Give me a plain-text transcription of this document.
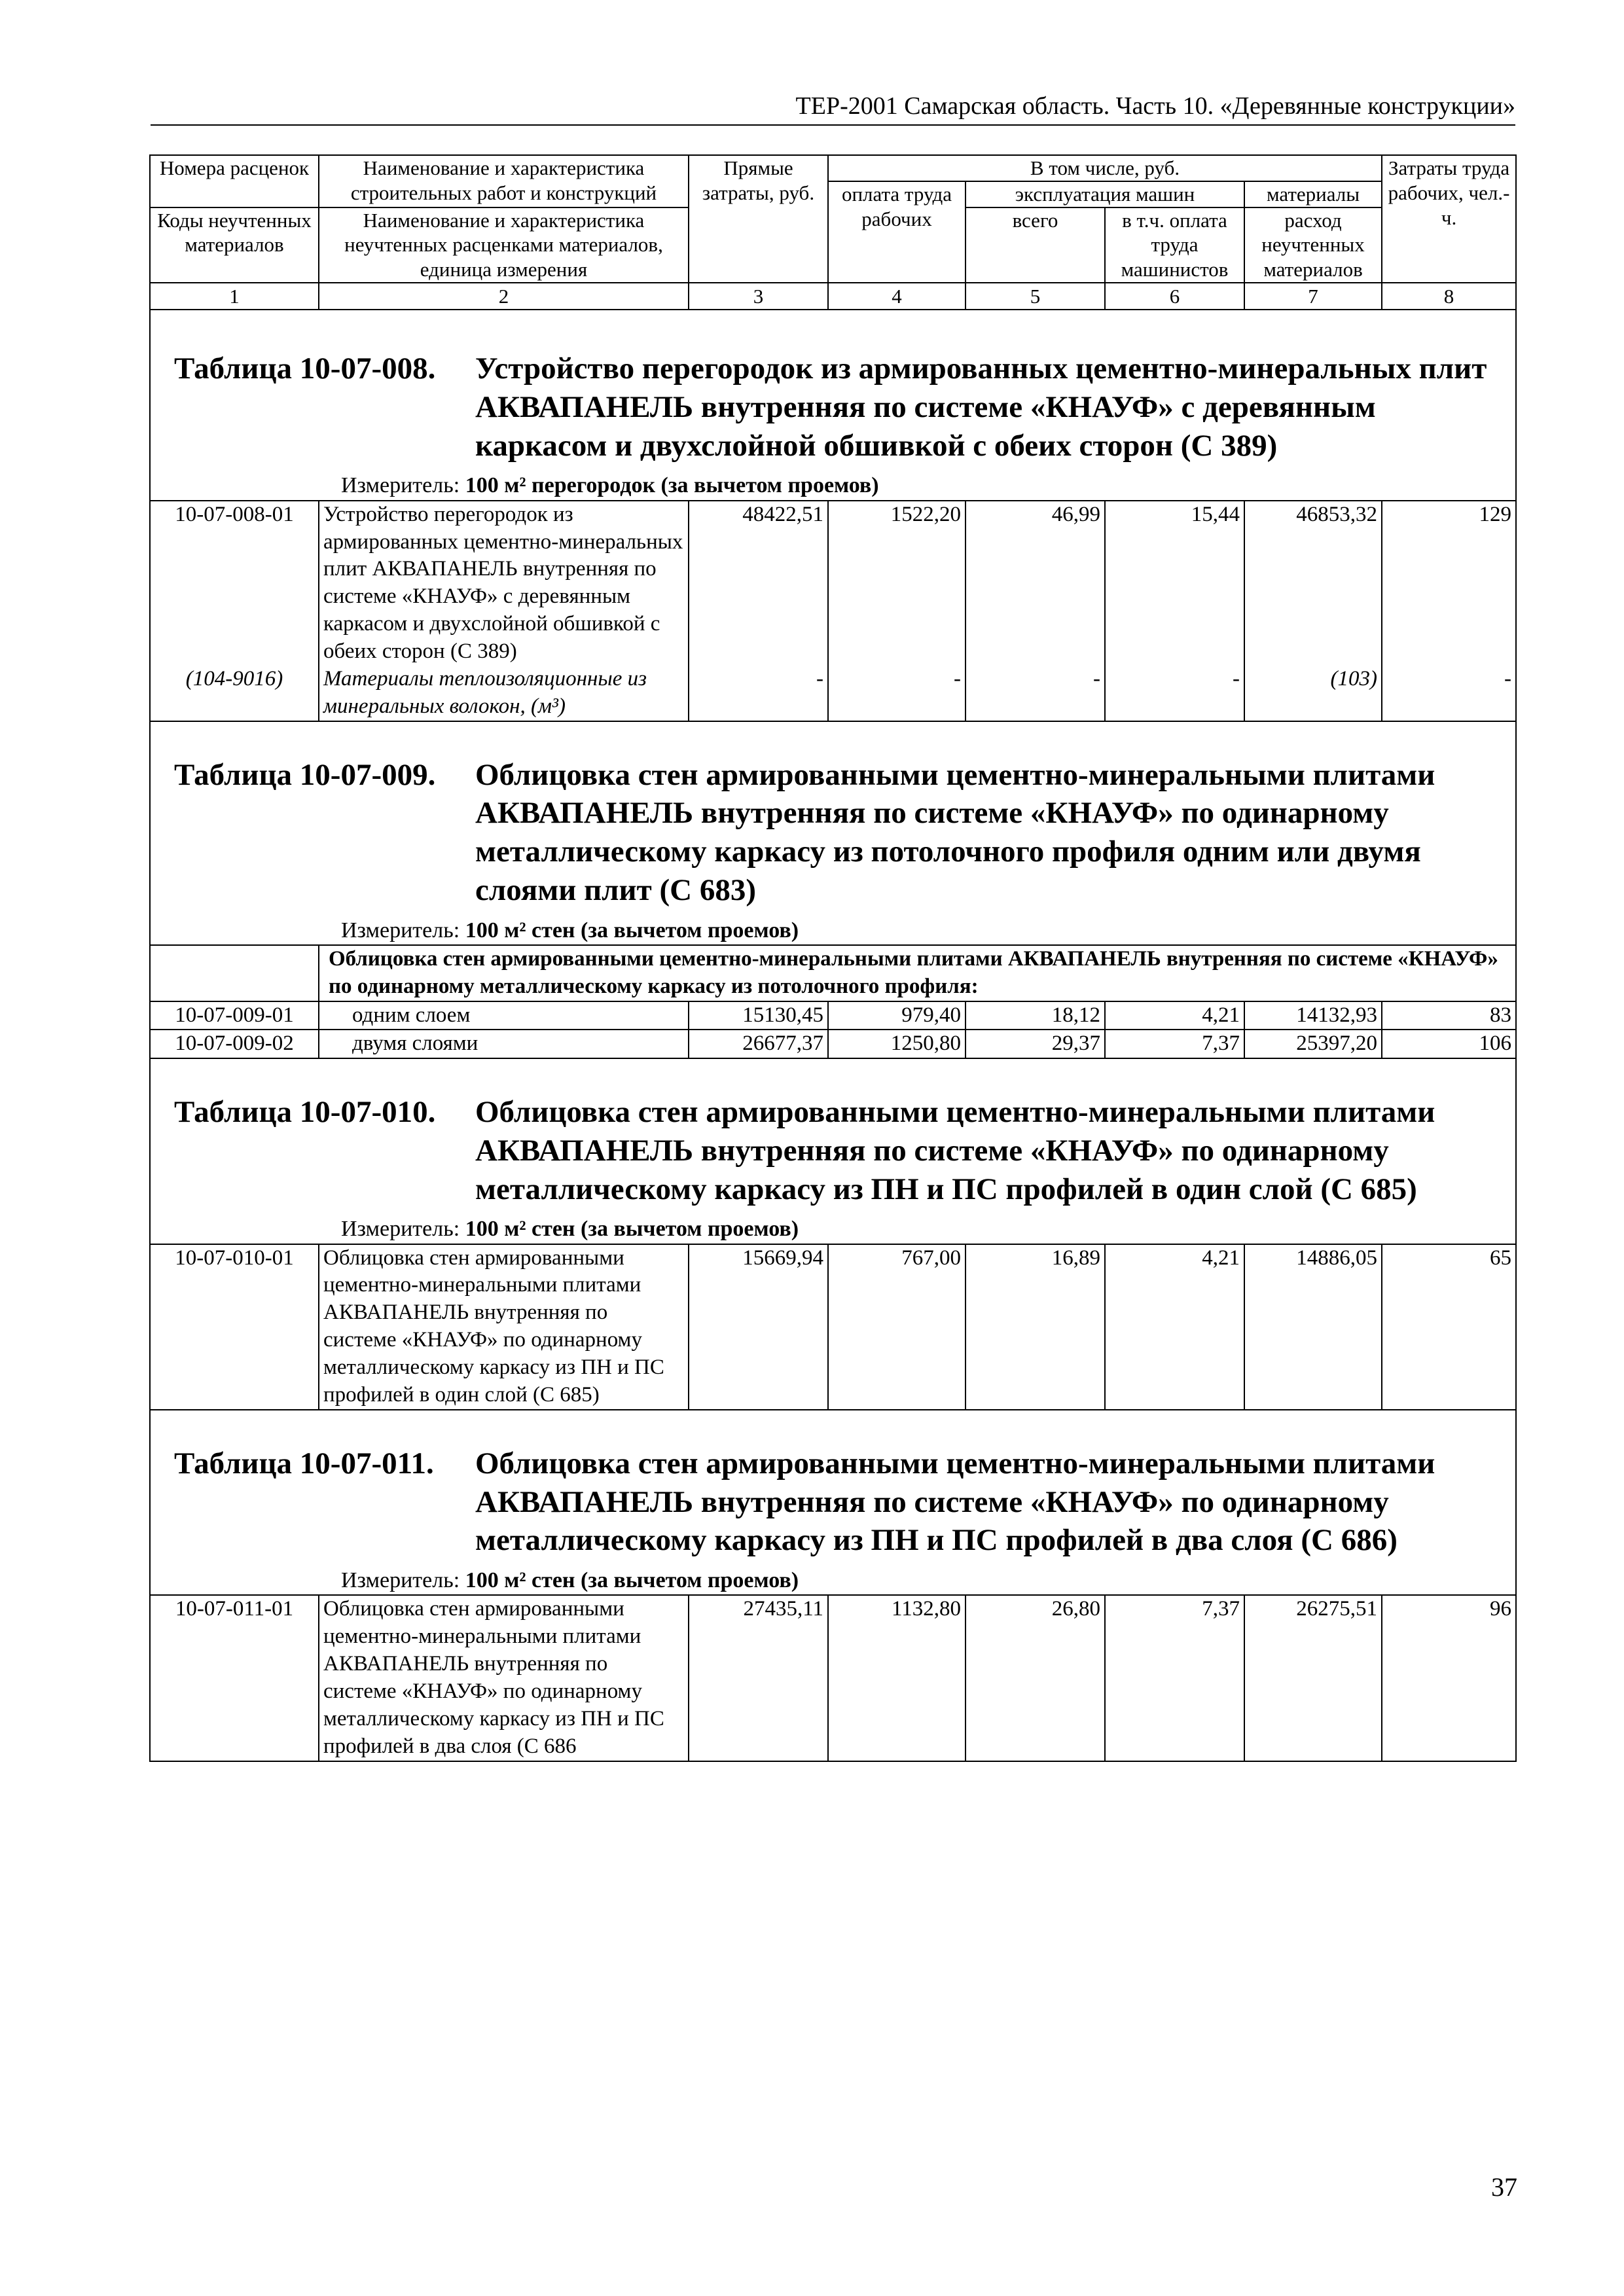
ТЕР-2001 Самарская область. Часть 10. «Деревянные конструкции»
Номера расценок	Наименование и характеристика строительных работ и конструкций	Прямые затраты, руб.	В том числе, руб.				Затраты труда рабочих, чел.-ч.
			оплата труда рабочих	эксплуатация машин		материалы	
Коды неучтенных материалов	Наименование и характеристика неучтенных расценками материалов, единица измерения			всего	в т.ч. оплата труда машинистов	расход неучтенных материалов	

1	2	3	4	5	6	7	8

Таблица 10-07-008. Устройство перегородок из армированных цементно-минеральных плит АКВАПАНЕЛЬ внутренняя по системе «КНАУФ» с деревянным каркасом и двухслойной обшивкой с обеих сторон (С 389)
Измеритель: 100 м² перегородок (за вычетом проемов)							

10-07-008-01	Устройство перегородок из армированных цементно-минеральных плит АКВАПАНЕЛЬ внутренняя по системе «КНАУФ» с деревянным каркасом и двухслойной обшивкой с обеих сторон (С 389)	48422,51	1522,20	46,99	15,44	46853,32	129
(104-9016)	Материалы теплоизоляционные из минеральных волокон, (м³)	-	-	-	-	(103)	-

Таблица 10-07-009. Облицовка стен армированными цементно-минеральными плитами АКВАПАНЕЛЬ внутренняя по системе «КНАУФ» по одинарному металлическому каркасу из потолочного профиля одним или двумя слоями плит (С 683)
Измеритель: 100 м² стен (за вычетом проемов)							

	Облицовка стен армированными цементно-минеральными плитами АКВАПАНЕЛЬ внутренняя по системе «КНАУФ» по одинарному металлическому каркасу из потолочного профиля:						
10-07-009-01	одним слоем	15130,45	979,40	18,12	4,21	14132,93	83
10-07-009-02	двумя слоями	26677,37	1250,80	29,37	7,37	25397,20	106

Таблица 10-07-010. Облицовка стен армированными цементно-минеральными плитами АКВАПАНЕЛЬ внутренняя по системе «КНАУФ» по одинарному металлическому каркасу из ПН и ПС профилей в один слой (С 685)
Измеритель: 100 м² стен (за вычетом проемов)							

10-07-010-01	Облицовка стен армированными цементно-минеральными плитами АКВАПАНЕЛЬ внутренняя по системе «КНАУФ» по одинарному металлическому каркасу из ПН и ПС профилей в один слой (С 685)	15669,94	767,00	16,89	4,21	14886,05	65

Таблица 10-07-011. Облицовка стен армированными цементно-минеральными плитами АКВАПАНЕЛЬ внутренняя по системе «КНАУФ» по одинарному металлическому каркасу из ПН и ПС профилей в два слоя (С 686)
Измеритель: 100 м² стен (за вычетом проемов)							

10-07-011-01	Облицовка стен армированными цементно-минеральными плитами АКВАПАНЕЛЬ внутренняя по системе «КНАУФ» по одинарному металлическому каркасу из ПН и ПС профилей в два слоя (С 686	27435,11	1132,80	26,80	7,37	26275,51	96
37
